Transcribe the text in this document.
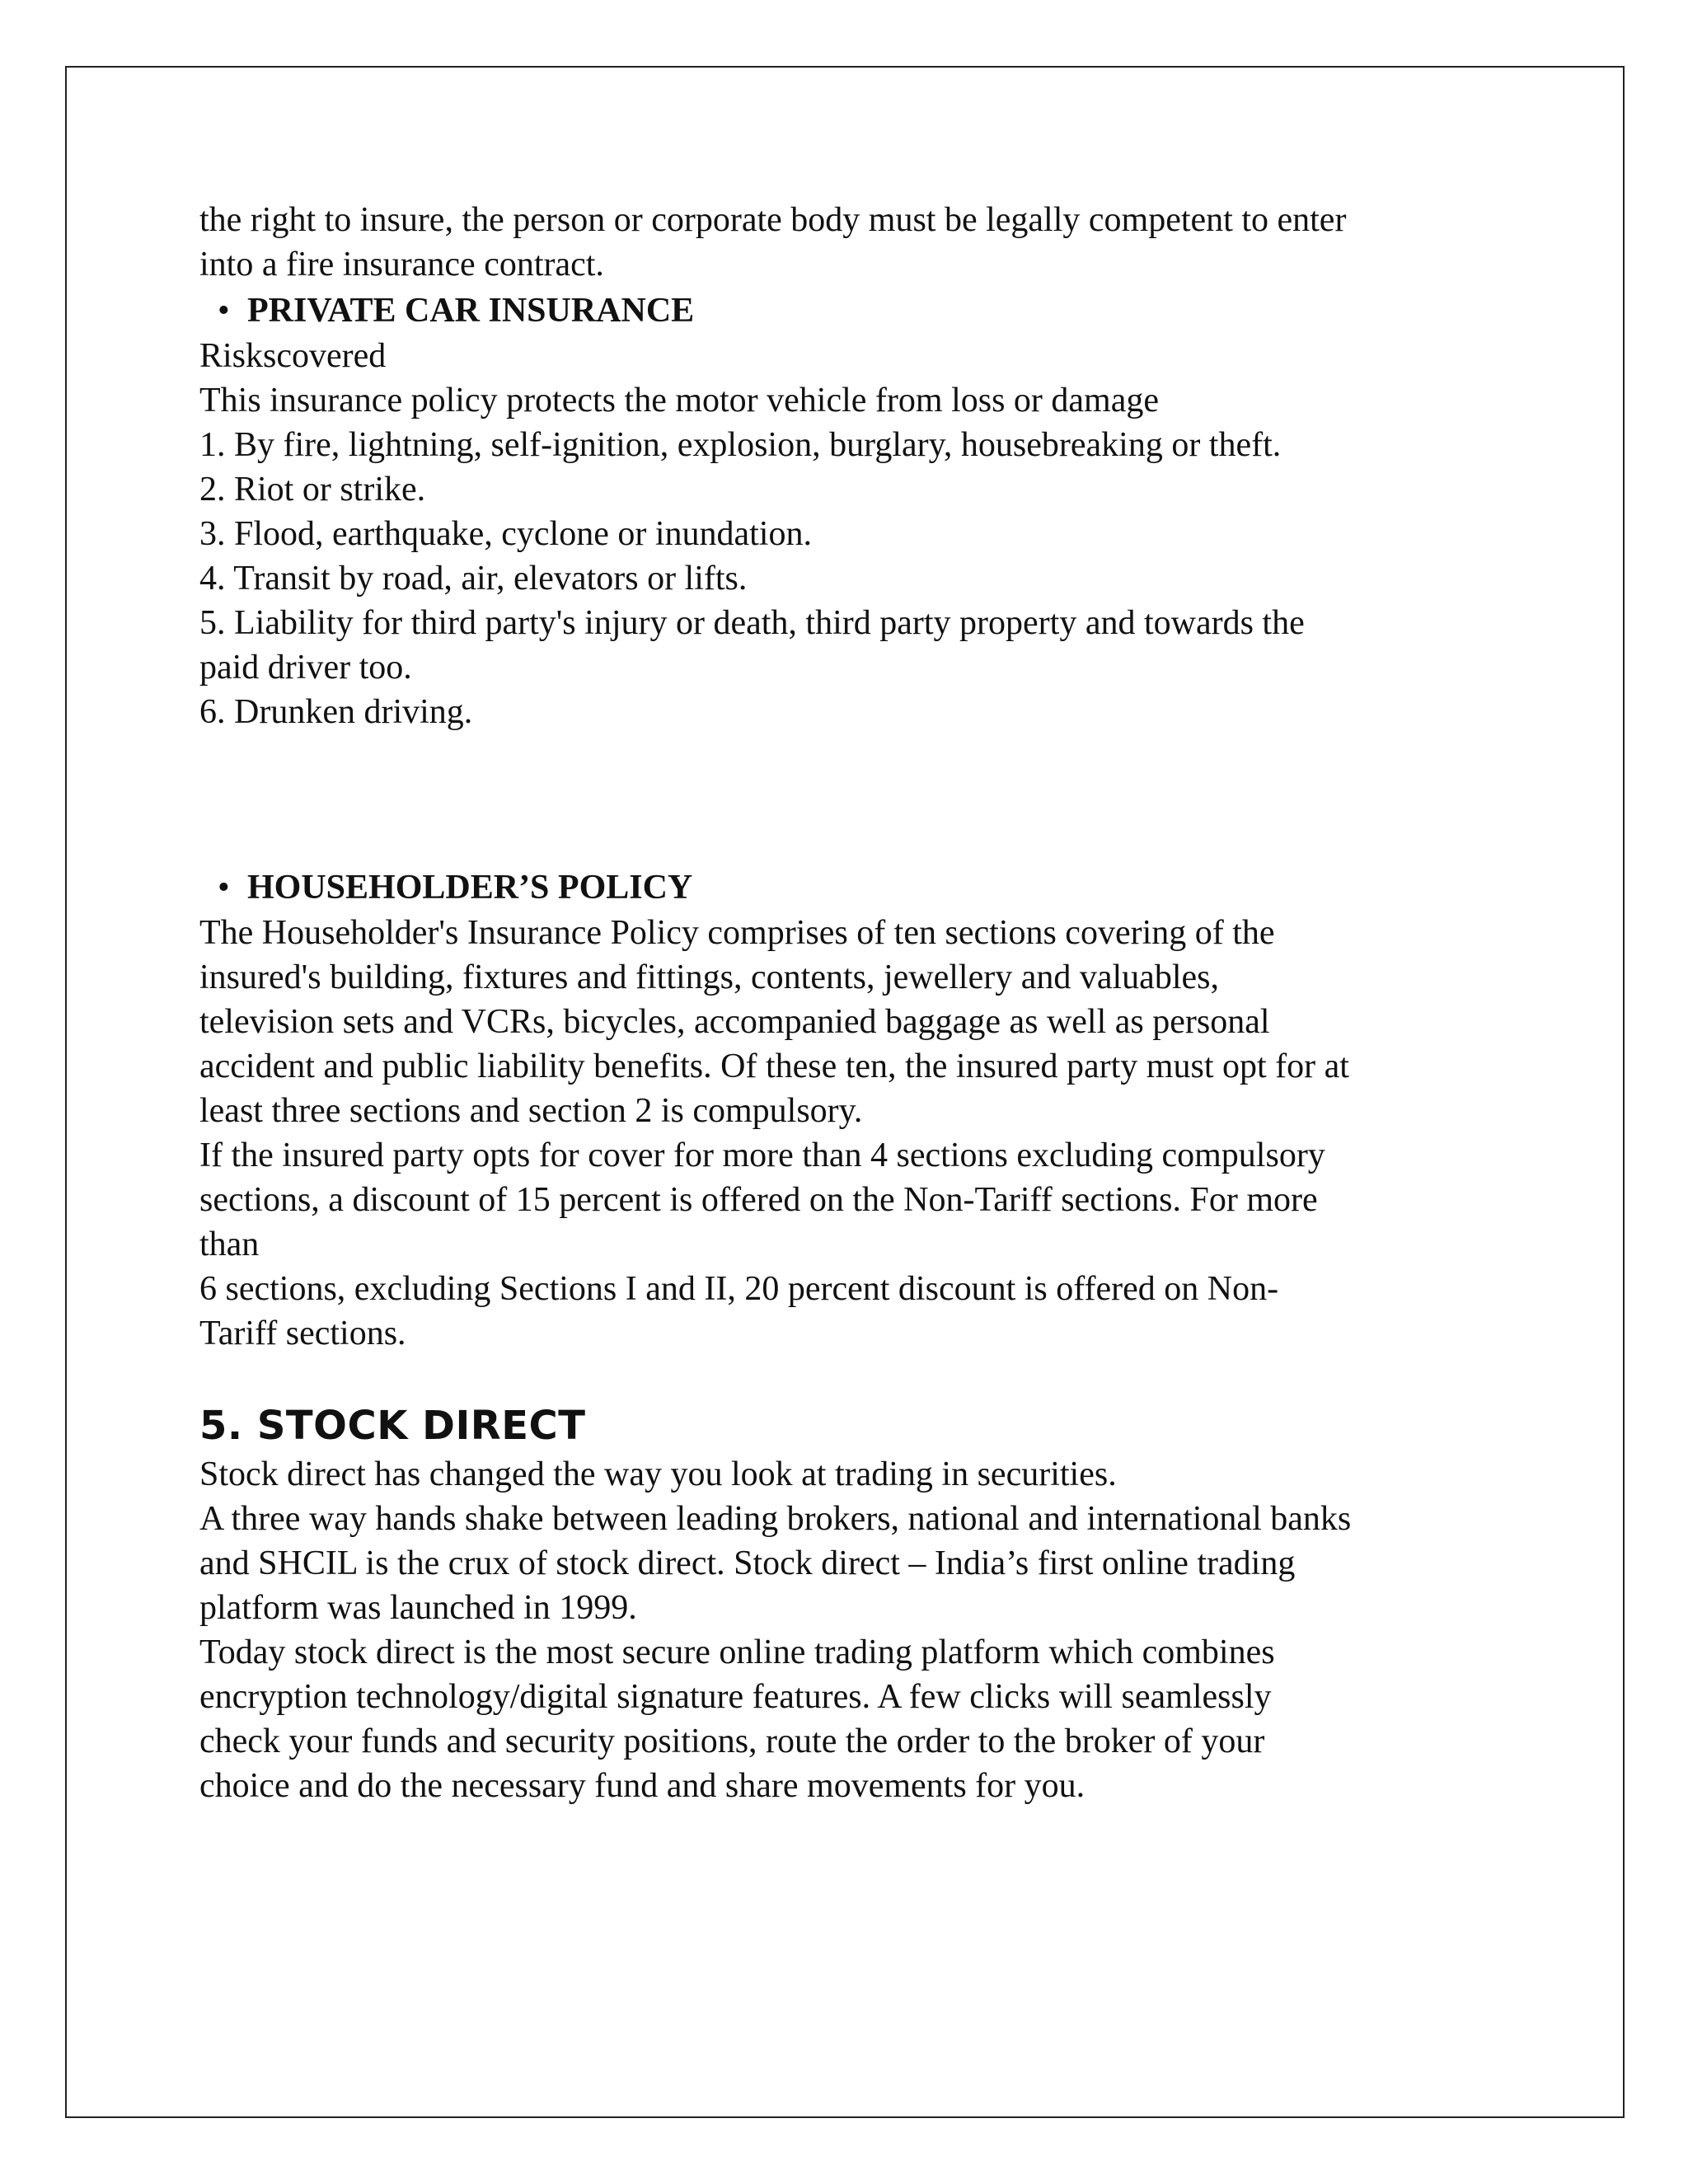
the right to insure, the person or corporate body must be legally competent to enter

into a fire insurance contract.

• PRIVATE CAR INSURANCE

Riskscovered

This insurance policy protects the motor vehicle from loss or damage

1. By fire, lightning, self-ignition, explosion, burglary, housebreaking or theft.

2. Riot or strike.

3. Flood, earthquake, cyclone or inundation.

4. Transit by road, air, elevators or lifts.

5. Liability for third party's injury or death, third party property and towards the

paid driver too.

6. Drunken driving.

• HOUSEHOLDER’S POLICY

The Householder's Insurance Policy comprises of ten sections covering of the

insured's building, fixtures and fittings, contents, jewellery and valuables,

television sets and VCRs, bicycles, accompanied baggage as well as personal

accident and public liability benefits. Of these ten, the insured party must opt for at

least three sections and section 2 is compulsory.

If the insured party opts for cover for more than 4 sections excluding compulsory

sections, a discount of 15 percent is offered on the Non-Tariff sections. For more

than

6 sections, excluding Sections I and II, 20 percent discount is offered on Non-

Tariff sections.

5. STOCK DIRECT

Stock direct has changed the way you look at trading in securities.

A three way hands shake between leading brokers, national and international banks

and SHCIL is the crux of stock direct. Stock direct – India’s first online trading

platform was launched in 1999.

Today stock direct is the most secure online trading platform which combines

encryption technology/digital signature features. A few clicks will seamlessly

check your funds and security positions, route the order to the broker of your

choice and do the necessary fund and share movements for you.
